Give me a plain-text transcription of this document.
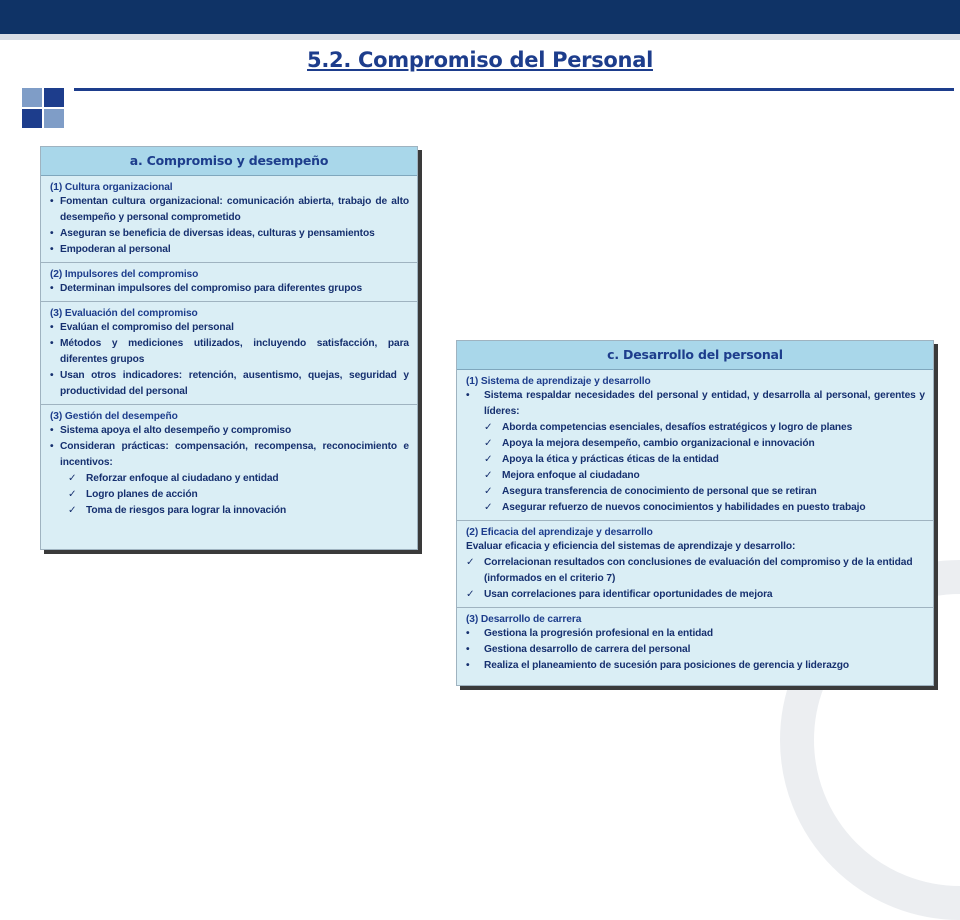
5.2. Compromiso del Personal
a. Compromiso y desempeño
(1) Cultura organizacional
• Fomentan cultura organizacional: comunicación abierta, trabajo de alto desempeño y personal comprometido
• Aseguran se beneficia de diversas ideas, culturas y pensamientos
• Empoderan al personal
(2) Impulsores del compromiso
• Determinan impulsores del compromiso para diferentes grupos
(3) Evaluación del compromiso
• Evalúan el compromiso del personal
• Métodos y mediciones utilizados, incluyendo satisfacción, para diferentes grupos
• Usan otros indicadores: retención, ausentismo, quejas, seguridad y productividad del personal
(3) Gestión del desempeño
• Sistema apoya el alto desempeño y compromiso
• Consideran prácticas: compensación, recompensa, reconocimiento e incentivos:
✓ Reforzar enfoque al ciudadano y entidad
✓ Logro planes de acción
✓ Toma de riesgos para lograr la innovación
c. Desarrollo del personal
(1) Sistema de aprendizaje y desarrollo
• Sistema respaldar necesidades del personal y entidad, y desarrolla al personal, gerentes y líderes:
✓ Aborda competencias esenciales, desafíos estratégicos y logro de planes
✓ Apoya la mejora desempeño, cambio organizacional e innovación
✓ Apoya la ética y prácticas éticas de la entidad
✓ Mejora enfoque al ciudadano
✓ Asegura transferencia de conocimiento de personal que se retiran
✓ Asegurar refuerzo de nuevos conocimientos y habilidades en puesto trabajo
(2) Eficacia del aprendizaje y desarrollo
Evaluar eficacia y eficiencia del sistemas de aprendizaje y desarrollo:
✓ Correlacionan resultados con conclusiones de evaluación del compromiso y de la entidad (informados en el criterio 7)
✓ Usan correlaciones para identificar oportunidades de mejora
(3) Desarrollo de carrera
• Gestiona la progresión profesional en la entidad
• Gestiona desarrollo de carrera del personal
• Realiza el planeamiento de sucesión para posiciones de gerencia y liderazgo
